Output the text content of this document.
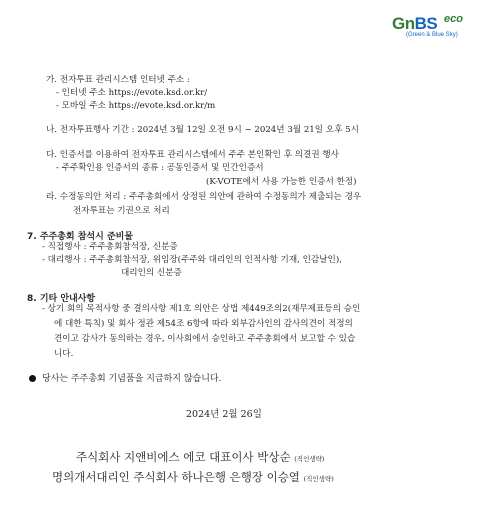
GnBS eco
(Green & Blue Sky)
가. 전자투표 관리시스템 인터넷 주소 :
- 인터넷 주소 https://evote.ksd.or.kr/
- 모바일 주소 https://evote.ksd.or.kr/m
나. 전자투표행사 기간 : 2024년 3월 12일 오전 9시 ~ 2024년 3월 21일 오후 5시
다. 인증서를 이용하여 전자투표 관리시스템에서 주주 본인확인 후 의결권 행사
- 주주확인용 인증서의 종류 : 공동인증서 및 민간인증서
(K-VOTE에서 사용 가능한 인증서 한정)
라. 수정동의안 처리 : 주주총회에서 상정된 의안에 관하여 수정동의가 제출되는 경우
전자투표는 기권으로 처리
7. 주주총회 참석시 준비물
- 직접행사 : 주주총회참석장, 신분증
- 대리행사 : 주주총회참석장, 위임장(주주와 대리인의 인적사항 기재, 인감날인),
대리인의 신분증
8. 기타 안내사항
- 상기 회의 목적사항 중 결의사항 제1호 의안은 상법 제449조의2(재무제표등의 승인
에 대한 특칙) 및 회사 정관 제54조 6항에 따라 외부감사인의 감사의견이 적정의
견이고 감사가 동의하는 경우, 이사회에서 승인하고 주주총회에서 보고할 수 있습
니다.
당사는 주주총회 기념품을 지급하지 않습니다.
2024년 2월 26일
주식회사 지앤비에스 에코 대표이사 박상순 (직인생략)
명의개서대리인 주식회사 하나은행 은행장 이승열 (직인생략)
